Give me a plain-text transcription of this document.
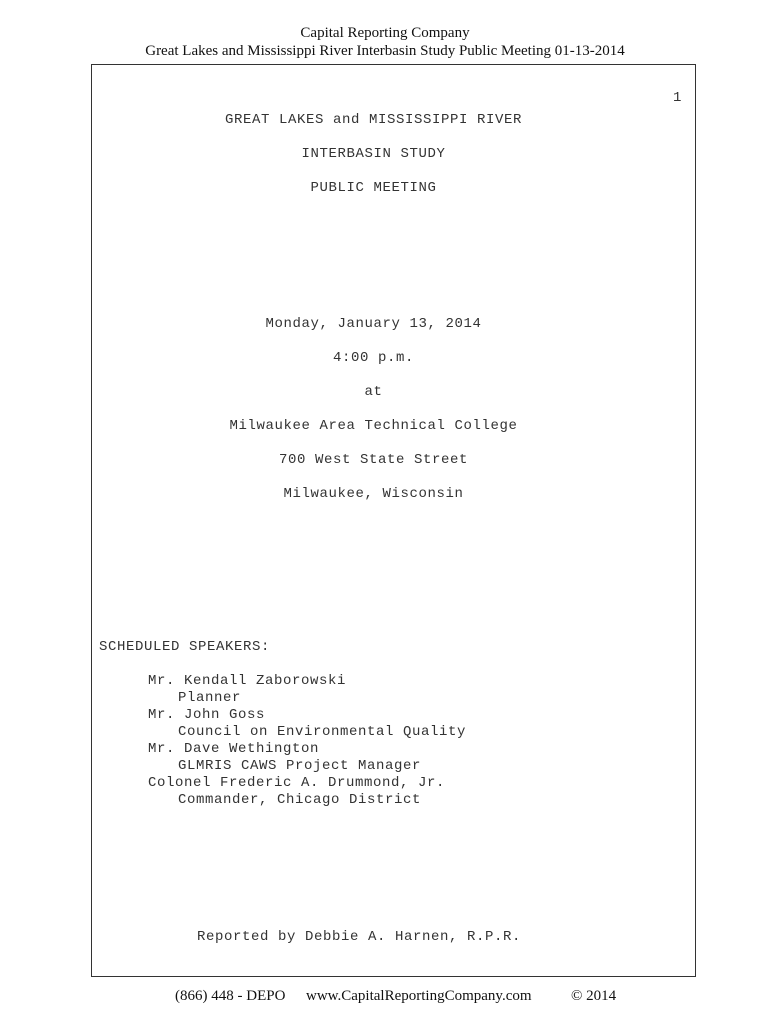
Capital Reporting Company
Great Lakes and Mississippi River Interbasin Study Public Meeting 01-13-2014
1
GREAT LAKES and MISSISSIPPI RIVER
INTERBASIN STUDY
PUBLIC MEETING
Monday, January 13, 2014
4:00 p.m.
at
Milwaukee Area Technical College
700 West State Street
Milwaukee, Wisconsin
SCHEDULED SPEAKERS:
Mr. Kendall Zaborowski
Planner
Mr. John Goss
Council on Environmental Quality
Mr. Dave Wethington
GLMRIS CAWS Project Manager
Colonel Frederic A. Drummond, Jr.
Commander, Chicago District
Reported by Debbie A. Harnen, R.P.R.
(866) 448 - DEPO www.CapitalReportingCompany.com	© 2014
